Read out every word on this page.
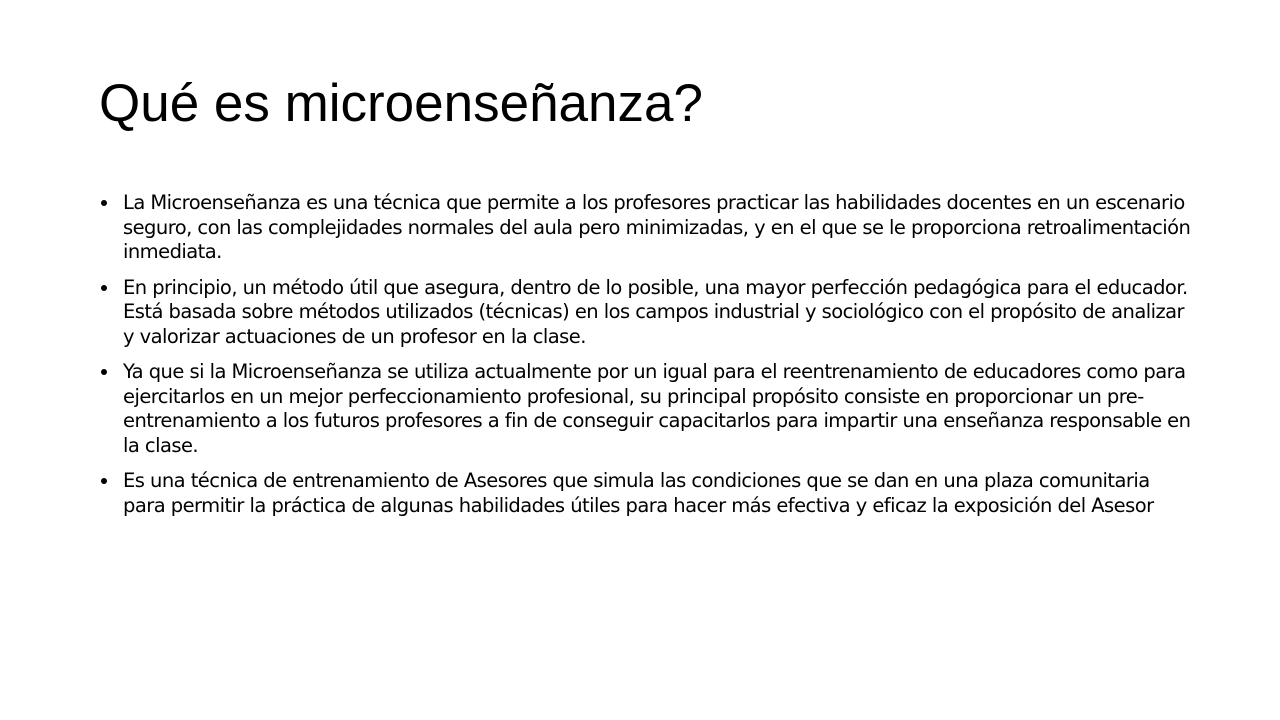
Qué es microenseñanza?
La Microenseñanza es una técnica que permite a los profesores practicar las habilidades docentes en un escenario seguro, con las complejidades normales del aula pero minimizadas, y en el que se le proporciona retroalimentación inmediata.
En principio, un método útil que asegura, dentro de lo posible, una mayor perfección pedagógica para el educador. Está basada sobre métodos utilizados (técnicas) en los campos industrial y sociológico con el propósito de analizar y valorizar actuaciones de un profesor en la clase.
Ya que si la Microenseñanza se utiliza actualmente por un igual para el reentrenamiento de educadores como para ejercitarlos en un mejor perfeccionamiento profesional, su principal propósito consiste en proporcionar un pre-entrenamiento a los futuros profesores a fin de conseguir capacitarlos para impartir una enseñanza responsable en la clase.
Es una técnica de entrenamiento de Asesores que simula las condiciones que se dan en una plaza comunitaria para permitir la práctica de algunas habilidades útiles para hacer más efectiva y eficaz la exposición del Asesor
